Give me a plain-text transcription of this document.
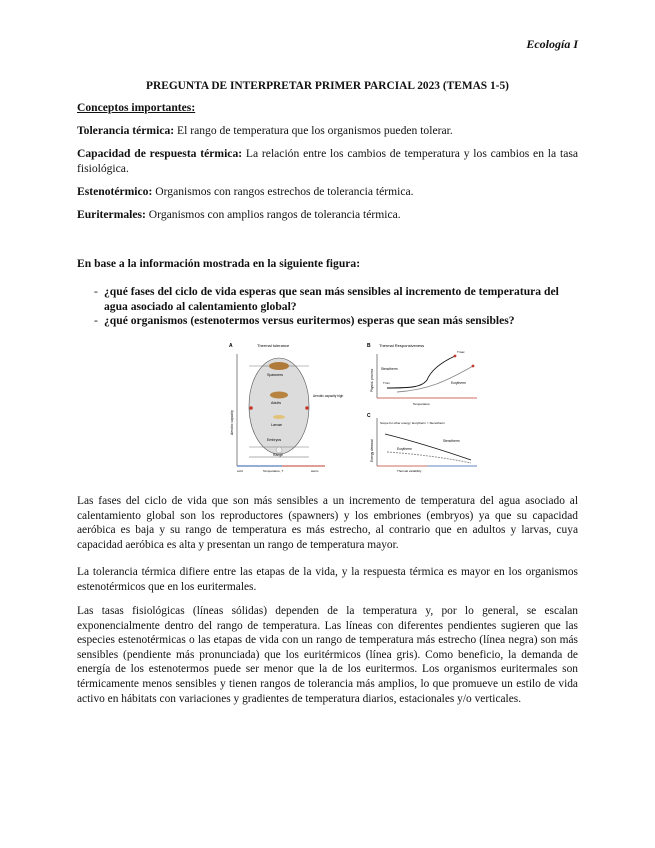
Ecología I
PREGUNTA DE INTERPRETAR PRIMER PARCIAL 2023 (TEMAS 1-5)
Conceptos importantes:
Tolerancia térmica: El rango de temperatura que los organismos pueden tolerar.
Capacidad de respuesta térmica: La relación entre los cambios de temperatura y los cambios en la tasa fisiológica.
Estenotérmico: Organismos con rangos estrechos de tolerancia térmica.
Euritermales: Organismos con amplios rangos de tolerancia térmica.
En base a la información mostrada en la siguiente figura:
- ¿qué fases del ciclo de vida esperas que sean más sensibles al incremento de temperatura del agua asociado al calentamiento global?
- ¿qué organismos (estenotermos versus euritermos) esperas que sean más sensibles?
A	Thermal tolerance
Aerobic capacity
Spawners
Adults
Larvae
Embryos
Aerobic capacity high
Range
cold	warm
Temperature, T
B Thermal Responsiveness
Physiol. process Stenotherm
Eurytherm
Tmax
Tmin
Temperature
C
Energy demand
Scope for other energy: Eurytherm > Stenotherm
Stenotherm
Eurytherm
Thermal variability
Las fases del ciclo de vida que son más sensibles a un incremento de temperatura del agua asociado al calentamiento global son los reproductores (spawners) y los embriones (embryos) ya que su capacidad aeróbica es baja y su rango de temperatura es más estrecho, al contrario que en adultos y larvas, cuya capacidad aeróbica es alta y presentan un rango de temperatura mayor.
La tolerancia térmica difiere entre las etapas de la vida, y la respuesta térmica es mayor en los organismos estenotérmicos que en los euritermales.
Las tasas fisiológicas (líneas sólidas) dependen de la temperatura y, por lo general, se escalan exponencialmente dentro del rango de temperatura. Las líneas con diferentes pendientes sugieren que las especies estenotérmicas o las etapas de vida con un rango de temperatura más estrecho (línea negra) son más sensibles (pendiente más pronunciada) que los euritérmicos (línea gris). Como beneficio, la demanda de energía de los estenotermos puede ser menor que la de los euritermos. Los organismos euritermales son térmicamente menos sensibles y tienen rangos de tolerancia más amplios, lo que promueve un estilo de vida activo en hábitats con variaciones y gradientes de temperatura diarios, estacionales y/o verticales.
